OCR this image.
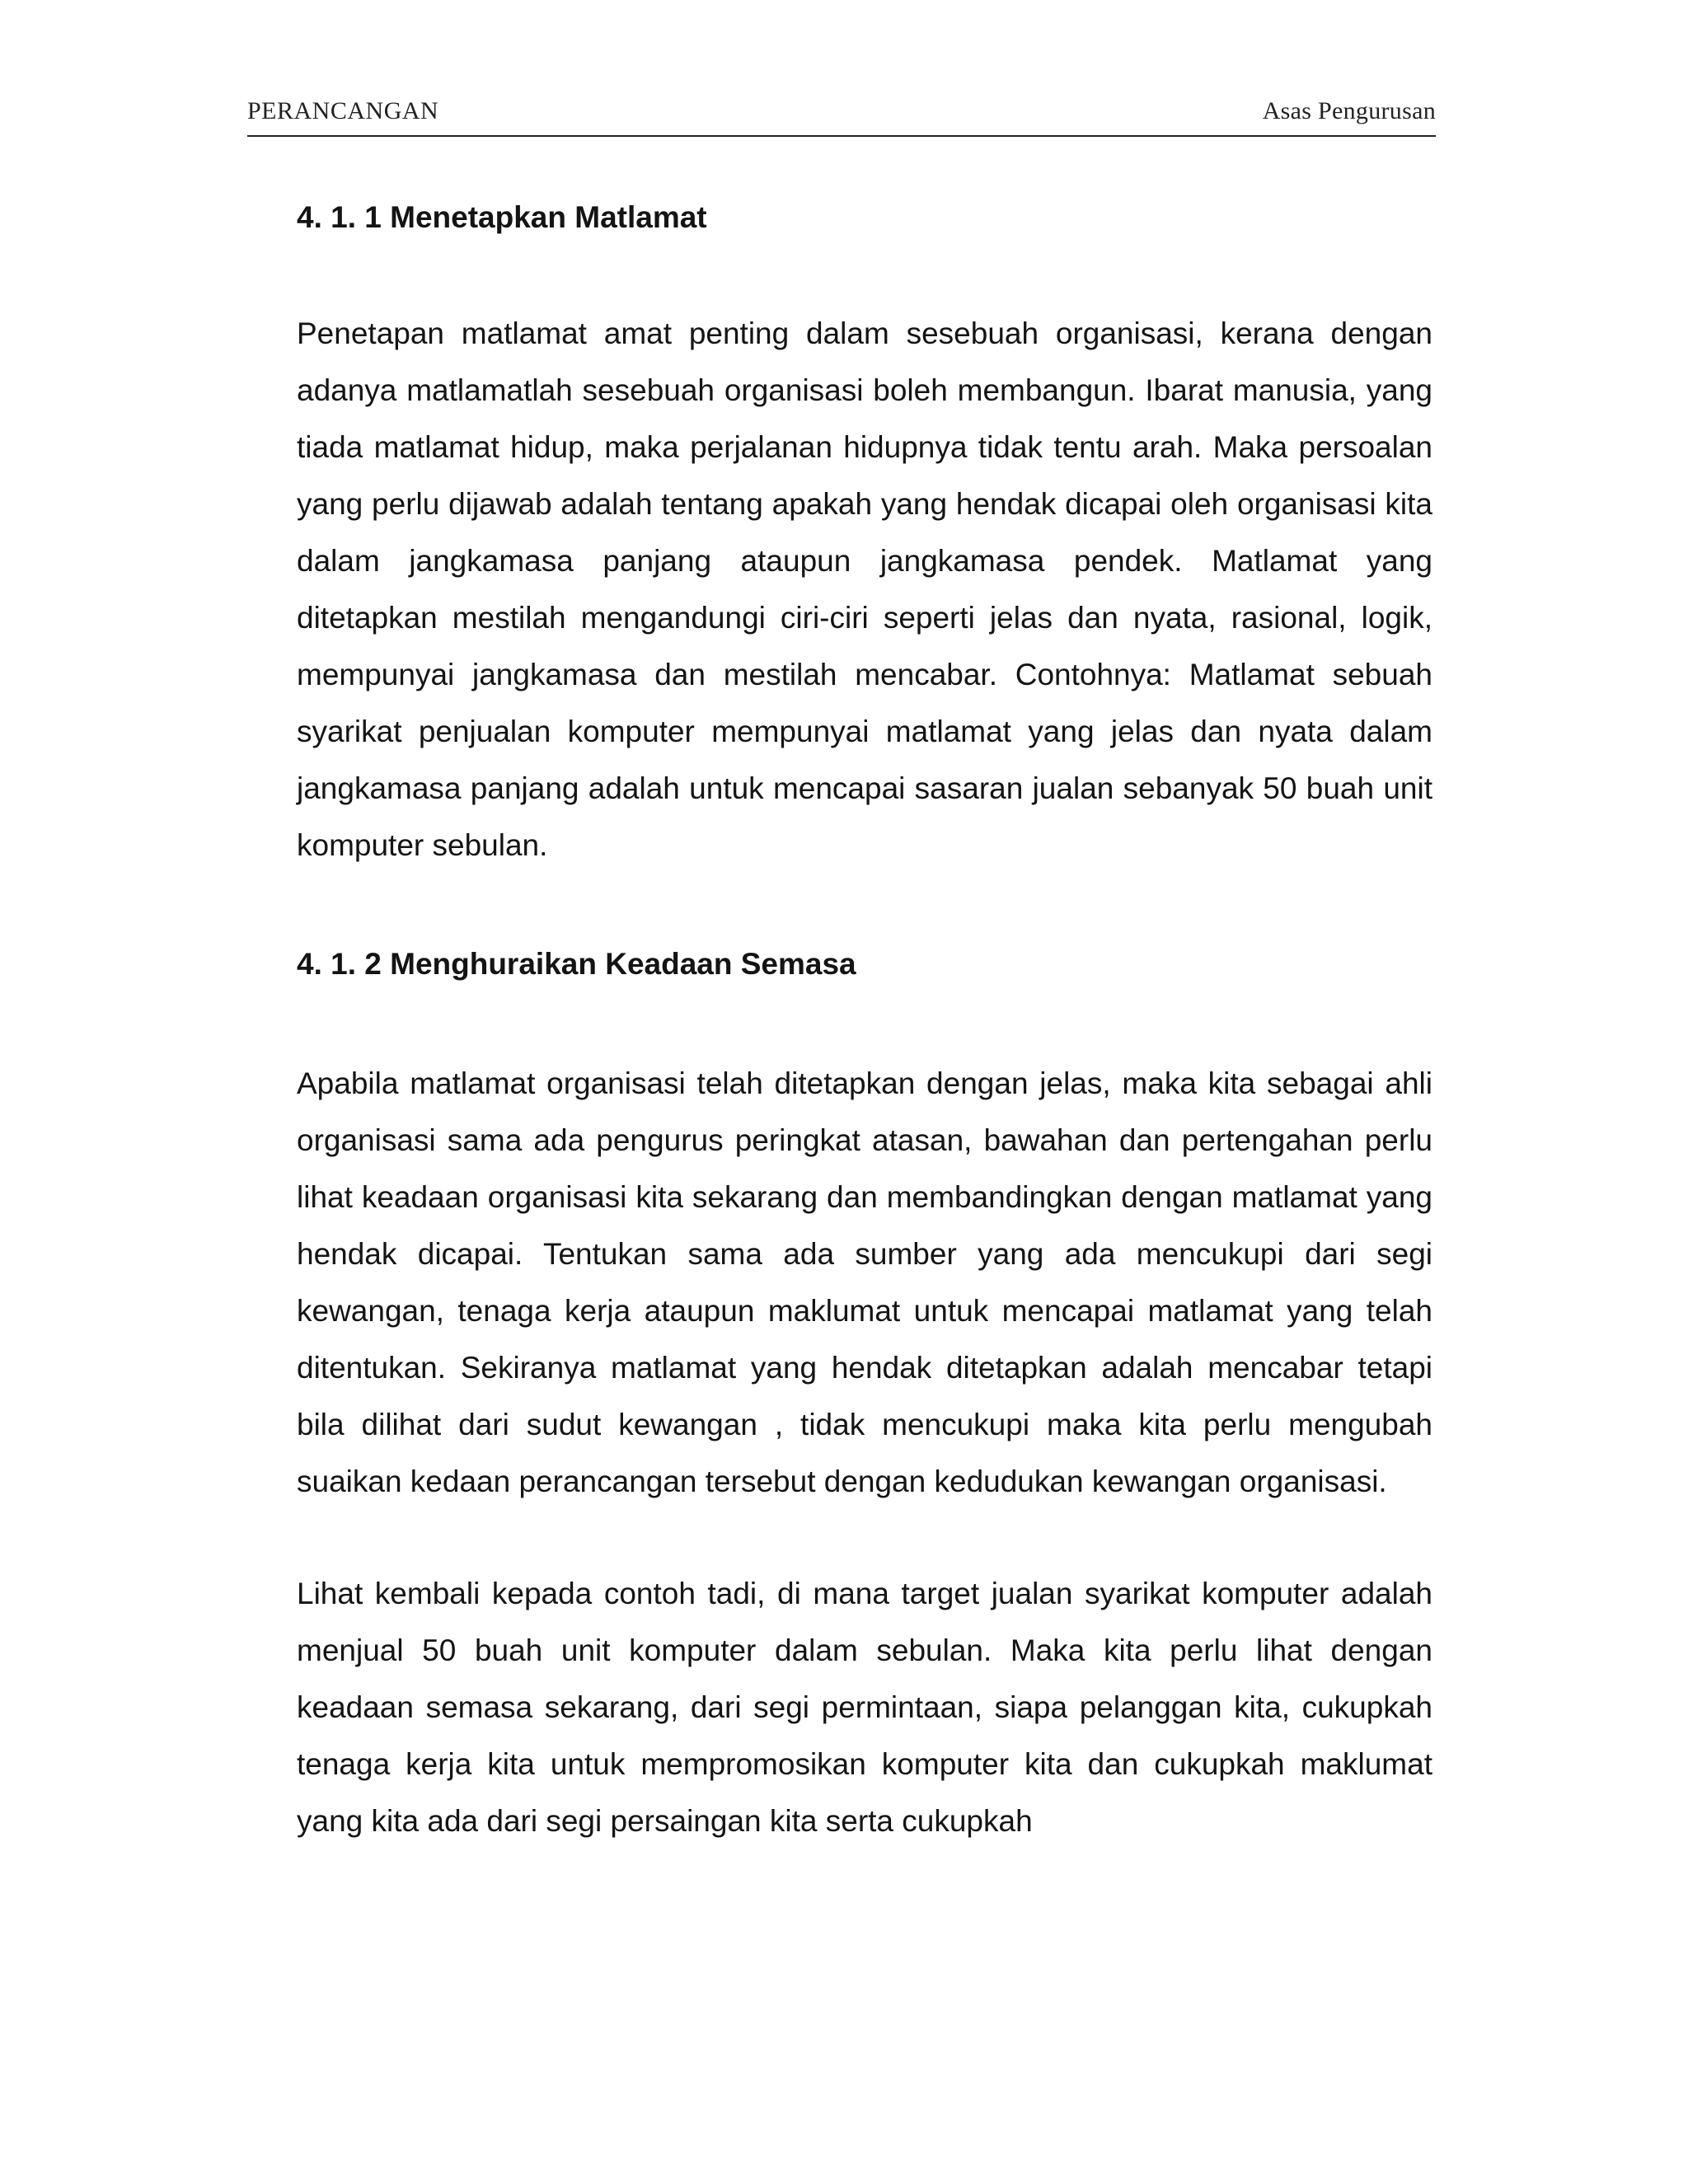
PERANCANGAN	Asas Pengurusan
4. 1. 1 Menetapkan Matlamat

Penetapan matlamat amat penting dalam sesebuah organisasi, kerana dengan adanya matlamatlah sesebuah organisasi boleh membangun. Ibarat manusia, yang tiada matlamat hidup, maka perjalanan hidupnya tidak tentu arah. Maka persoalan yang perlu dijawab adalah tentang apakah yang hendak dicapai oleh organisasi kita dalam jangkamasa panjang ataupun jangkamasa pendek. Matlamat yang ditetapkan mestilah mengandungi ciri-ciri seperti jelas dan nyata, rasional, logik, mempunyai jangkamasa dan mestilah mencabar. Contohnya: Matlamat sebuah syarikat penjualan komputer mempunyai matlamat yang jelas dan nyata dalam jangkamasa panjang adalah untuk mencapai sasaran jualan sebanyak 50 buah unit komputer sebulan.

4. 1. 2 Menghuraikan Keadaan Semasa

Apabila matlamat organisasi telah ditetapkan dengan jelas, maka kita sebagai ahli organisasi sama ada pengurus peringkat atasan, bawahan dan pertengahan perlu lihat keadaan organisasi kita sekarang dan membandingkan dengan matlamat yang hendak dicapai. Tentukan sama ada sumber yang ada mencukupi dari segi kewangan, tenaga kerja ataupun maklumat untuk mencapai matlamat yang telah ditentukan. Sekiranya matlamat yang hendak ditetapkan adalah mencabar tetapi bila dilihat dari sudut kewangan , tidak mencukupi maka kita perlu mengubah suaikan kedaan perancangan tersebut dengan kedudukan kewangan organisasi.

Lihat kembali kepada contoh tadi, di mana target jualan syarikat komputer adalah menjual 50 buah unit komputer dalam sebulan. Maka kita perlu lihat dengan keadaan semasa sekarang, dari segi permintaan, siapa pelanggan kita, cukupkah tenaga kerja kita untuk mempromosikan komputer kita dan cukupkah maklumat yang kita ada dari segi persaingan kita serta cukupkah
